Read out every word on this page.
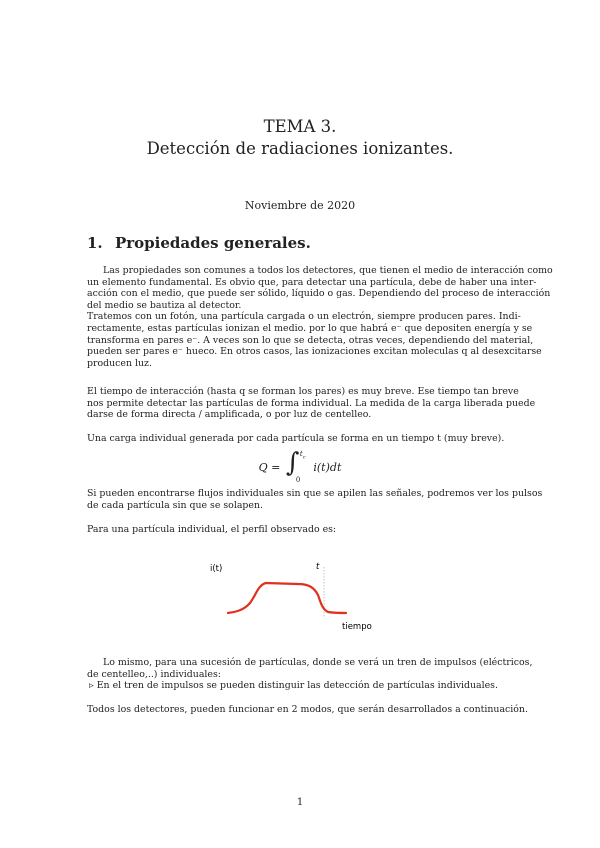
TEMA 3.
Detección de radiaciones ionizantes.
Noviembre de 2020
1. Propiedades generales.
Las propiedades son comunes a todos los detectores, que tienen el medio de interacción como
un elemento fundamental. Es obvio que, para detectar una partícula, debe de haber una inter-
acción con el medio, que puede ser sólido, líquido o gas. Dependiendo del proceso de interacción
del medio se bautiza al detector.
Tratemos con un fotón, una partícula cargada o un electrón, siempre producen pares. Indi-
rectamente, estas partículas ionizan el medio. por lo que habrá e⁻ que depositen energía y se
transforma en pares e⁻. A veces son lo que se detecta, otras veces, dependiendo del material,
pueden ser pares e⁻ hueco. En otros casos, las ionizaciones excitan moleculas q al desexcitarse
producen luz.
El tiempo de interacción (hasta q se forman los pares) es muy breve. Ese tiempo tan breve
nos permite detectar las partículas de forma individual. La medida de la carga liberada puede
darse de forma directa / amplificada, o por luz de centelleo.
Una carga individual generada por cada partícula se forma en un tiempo t (muy breve).
Q = ∫ $t_c$
0
i(t)dt
Si pueden encontrarse flujos individuales sin que se apilen las señales, podremos ver los pulsos
de cada partícula sin que se solapen.
Para una partícula individual, el perfil observado es:
i(t)	t
tiempo
Lo mismo, para una sucesión de partículas, donde se verá un tren de impulsos (eléctricos,
de centelleo,..) individuales:
▹ En el tren de impulsos se pueden distinguir las detección de partículas individuales.
Todos los detectores, pueden funcionar en 2 modos, que serán desarrollados a continuación.
1
